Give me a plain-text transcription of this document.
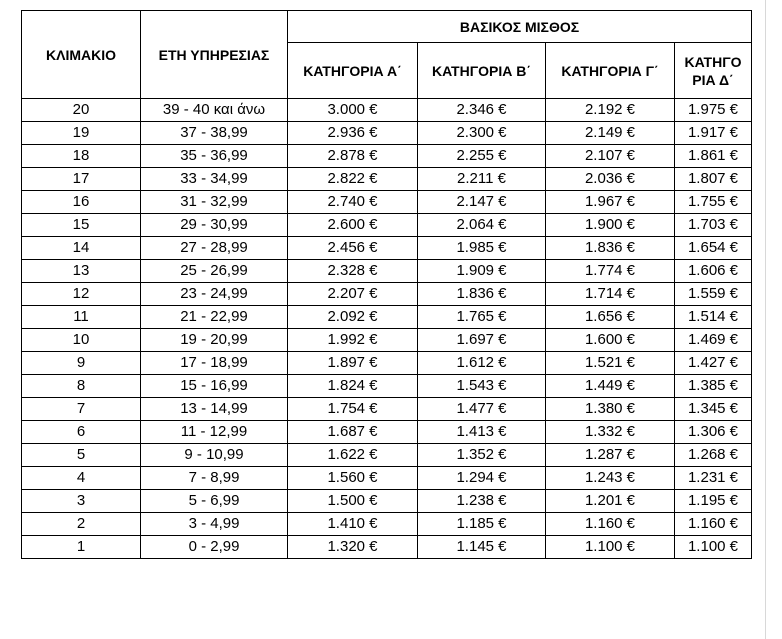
ΚΛΙΜΑΚΙΟ	ΕΤΗ ΥΠΗΡΕΣΙΑΣ	ΒΑΣΙΚΟΣ ΜΙΣΘΟΣ			
		ΚΑΤΗΓΟΡΙΑ Α΄	ΚΑΤΗΓΟΡΙΑ Β΄	ΚΑΤΗΓΟΡΙΑ Γ΄	ΚΑΤΗΓΟ ΡΙΑ Δ΄
20	39 - 40 και άνω	3.000 €	2.346 €	2.192 €	1.975 €
19	37 - 38,99	2.936 €	2.300 €	2.149 €	1.917 €
18	35 - 36,99	2.878 €	2.255 €	2.107 €	1.861 €
17	33 - 34,99	2.822 €	2.211 €	2.036 €	1.807 €
16	31 - 32,99	2.740 €	2.147 €	1.967 €	1.755 €
15	29 - 30,99	2.600 €	2.064 €	1.900 €	1.703 €
14	27 - 28,99	2.456 €	1.985 €	1.836 €	1.654 €
13	25 - 26,99	2.328 €	1.909 €	1.774 €	1.606 €
12	23 - 24,99	2.207 €	1.836 €	1.714 €	1.559 €
11	21 - 22,99	2.092 €	1.765 €	1.656 €	1.514 €
10	19 - 20,99	1.992 €	1.697 €	1.600 €	1.469 €
9	17 - 18,99	1.897 €	1.612 €	1.521 €	1.427 €
8	15 - 16,99	1.824 €	1.543 €	1.449 €	1.385 €
7	13 - 14,99	1.754 €	1.477 €	1.380 €	1.345 €
6	11 - 12,99	1.687 €	1.413 €	1.332 €	1.306 €
5	9 - 10,99	1.622 €	1.352 €	1.287 €	1.268 €
4	7 - 8,99	1.560 €	1.294 €	1.243 €	1.231 €
3	5 - 6,99	1.500 €	1.238 €	1.201 €	1.195 €
2	3 - 4,99	1.410 €	1.185 €	1.160 €	1.160 €
1	0 - 2,99	1.320 €	1.145 €	1.100 €	1.100 €
